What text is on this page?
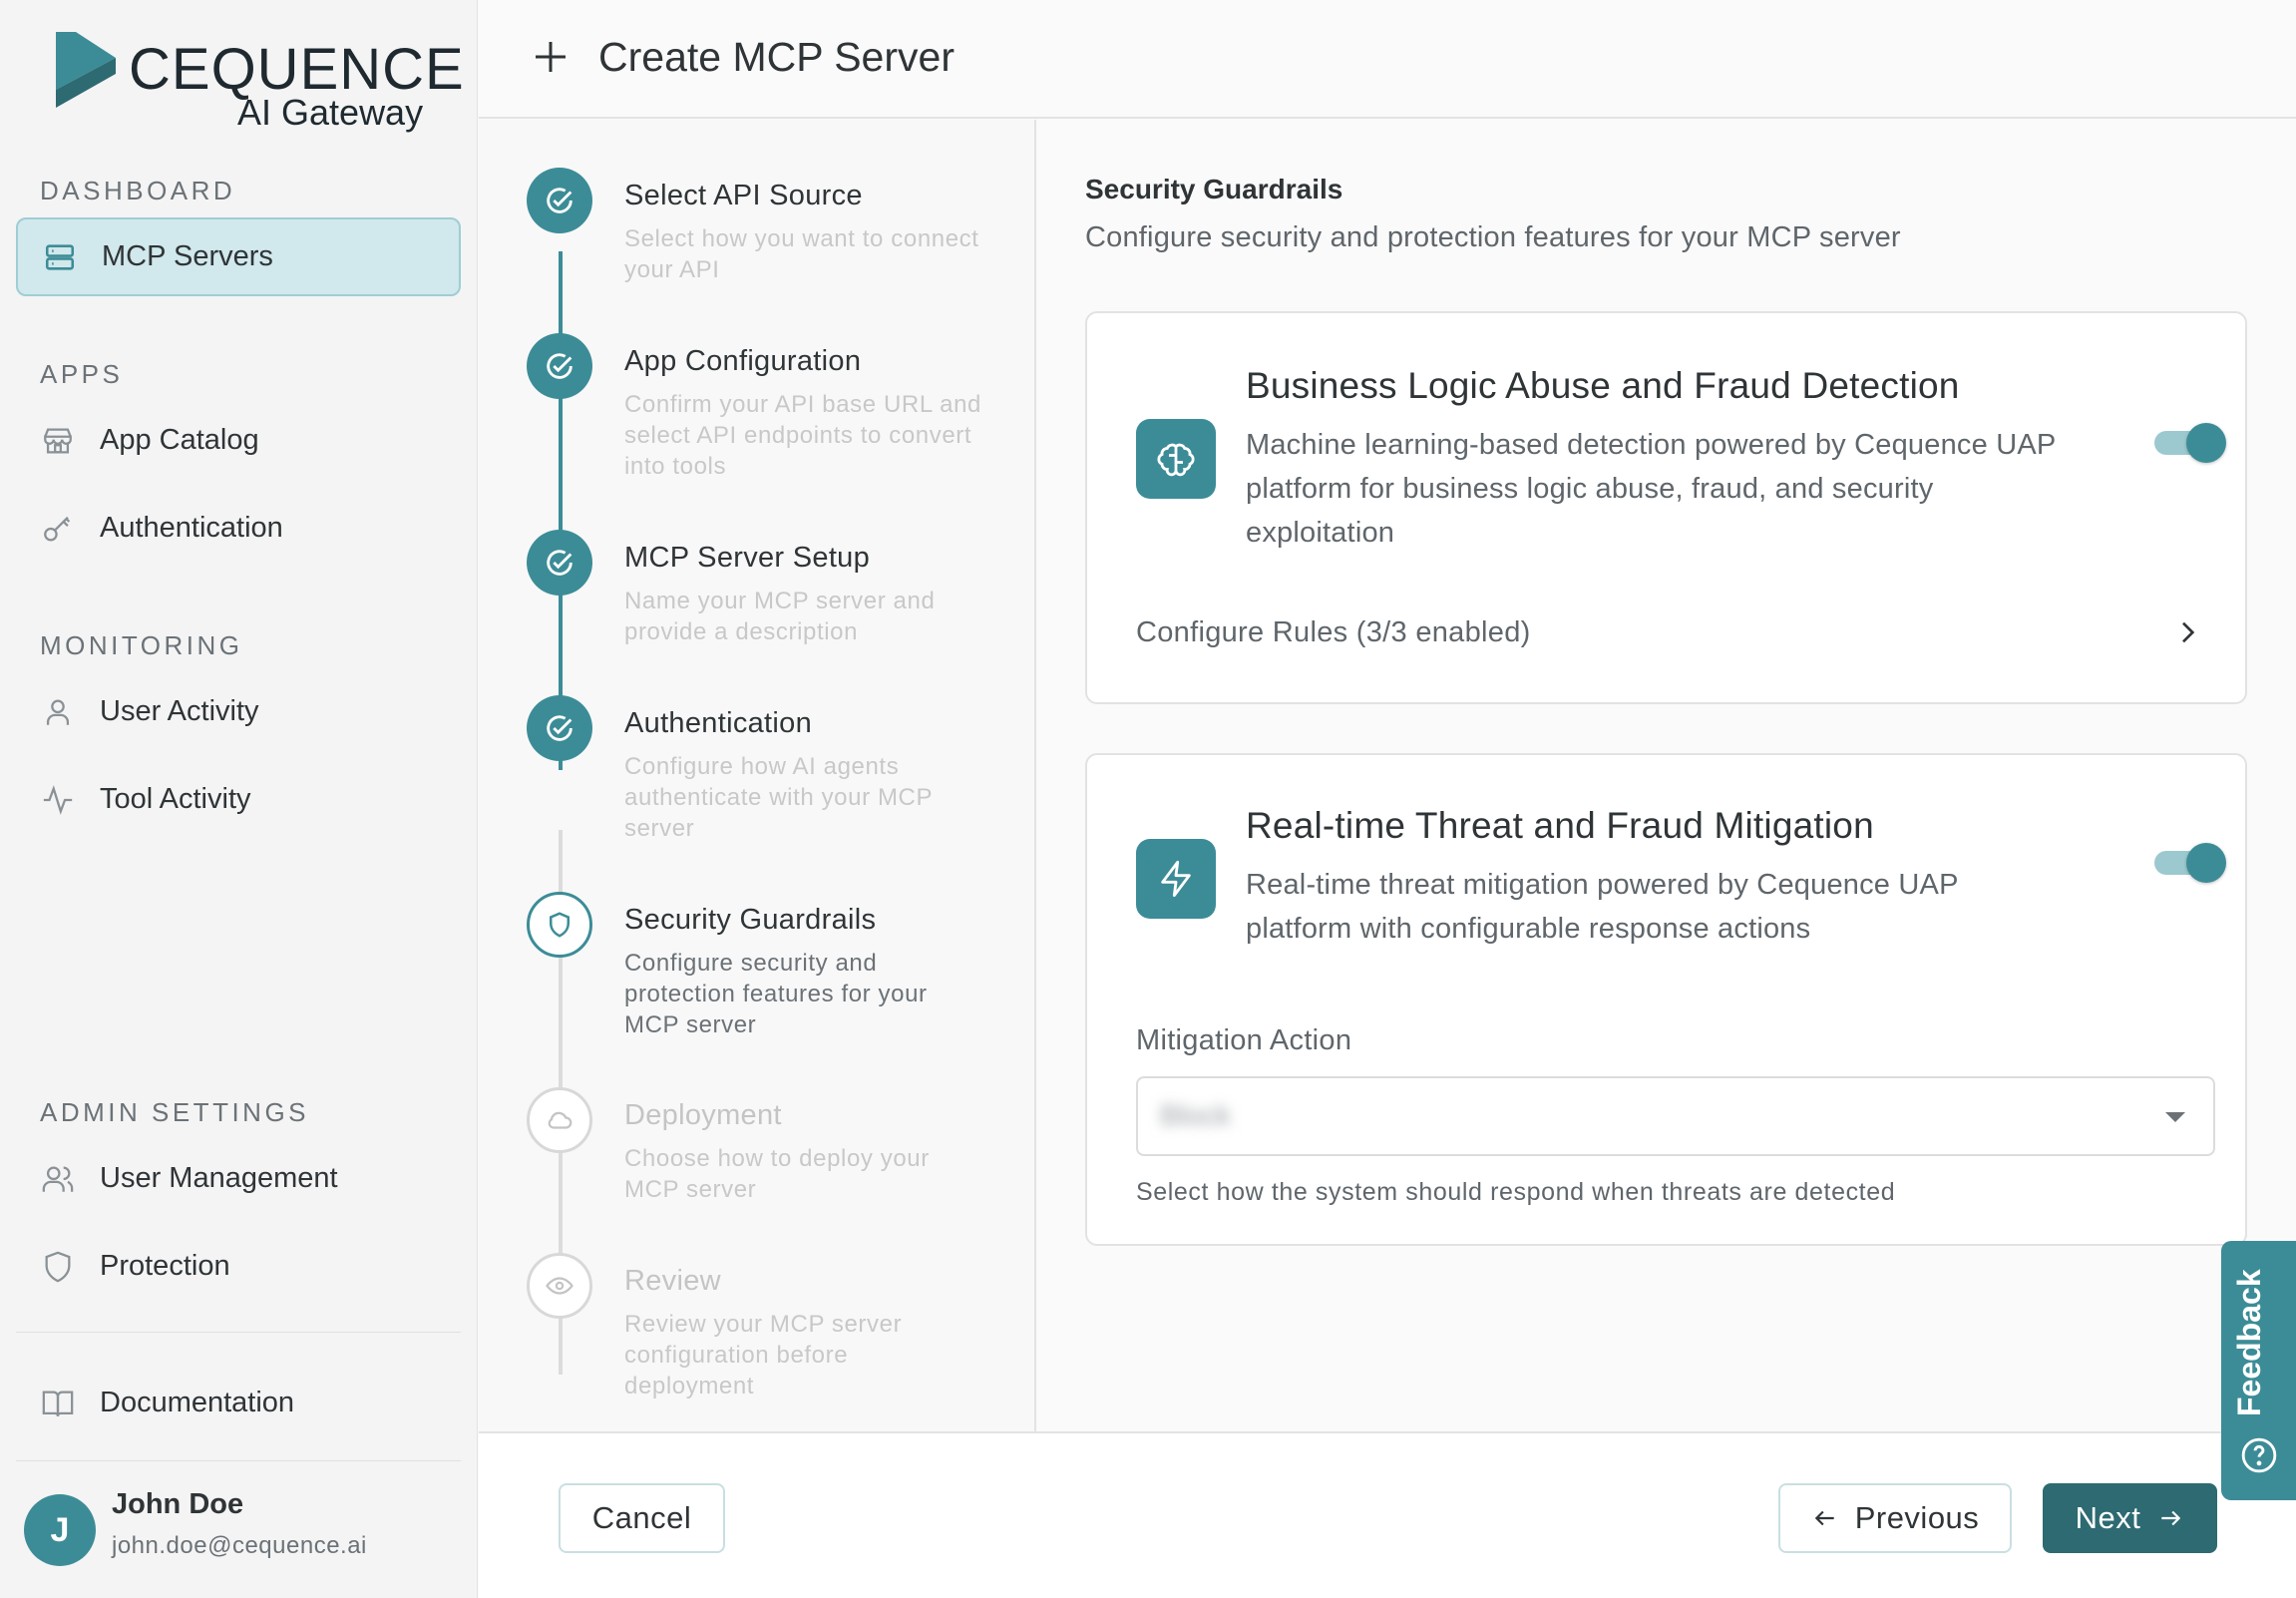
CEQUENCE
AI Gateway
DASHBOARD
MCP Servers
APPS
App Catalog
Authentication
MONITORING
User Activity
Tool Activity
ADMIN SETTINGS
User Management
Protection
Documentation
J
John Doe
john.doe@cequence.ai
Create MCP Server
Select API Source
Select how you want to connect your API
App Configuration
Confirm your API base URL and select API endpoints to convert into tools
MCP Server Setup
Name your MCP server and provide a description
Authentication
Configure how AI agents authenticate with your MCP server
Security Guardrails
Configure security and protection features for your MCP server
Deployment
Choose how to deploy your MCP server
Review
Review your MCP server configuration before deployment
Security Guardrails

Configure security and protection features for your MCP server

Business Logic Abuse and Fraud Detection

Machine learning-based detection powered by Cequence UAP platform for business logic abuse, fraud, and security exploitation

Configure Rules (3/3 enabled)
Real-time Threat and Fraud Mitigation

Real-time threat mitigation powered by Cequence UAP platform with configurable response actions

Mitigation Action
Block

Select how the system should respond when threats are detected

Cancel	Previous	Next
Feedback
